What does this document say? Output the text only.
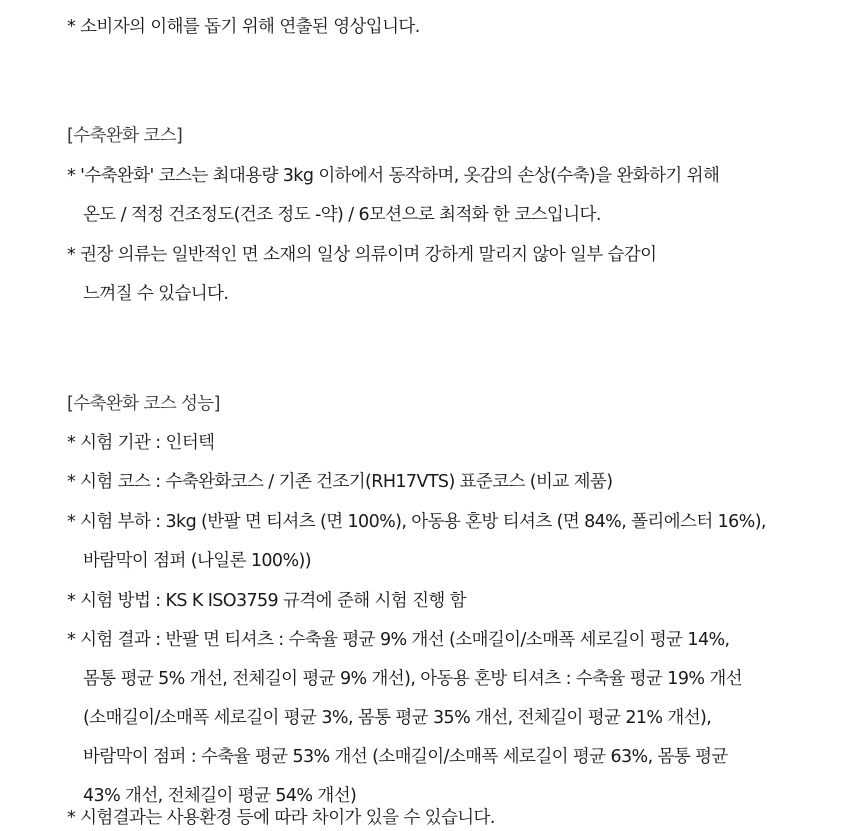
* 소비자의 이해를 돕기 위해 연출된 영상입니다.
[수축완화 코스]
* '수축완화' 코스는 최대용량 3kg 이하에서 동작하며, 옷감의 손상(수축)을 완화하기 위해
온도 / 적정 건조정도(건조 정도 -약) / 6모션으로 최적화 한 코스입니다.
* 권장 의류는 일반적인 면 소재의 일상 의류이며 강하게 말리지 않아 일부 습감이
느껴질 수 있습니다.
[수축완화 코스 성능]
* 시험 기관 : 인터텍
* 시험 코스 : 수축완화코스 / 기존 건조기(RH17VTS) 표준코스 (비교 제품)
* 시험 부하 : 3kg (반팔 면 티셔츠 (면 100%), 아동용 혼방 티셔츠 (면 84%, 폴리에스터 16%),
바람막이 점퍼 (나일론 100%))
* 시험 방법 : KS K ISO3759 규격에 준해 시험 진행 함
* 시험 결과 : 반팔 면 티셔츠 : 수축율 평균 9% 개선 (소매길이/소매폭 세로길이 평균 14%,
몸통 평균 5% 개선, 전체길이 평균 9% 개선), 아동용 혼방 티셔츠 : 수축율 평균 19% 개선
(소매길이/소매폭 세로길이 평균 3%, 몸통 평균 35% 개선, 전체길이 평균 21% 개선),
바람막이 점퍼 : 수축율 평균 53% 개선 (소매길이/소매폭 세로길이 평균 63%, 몸통 평균
43% 개선, 전체길이 평균 54% 개선)
* 시험결과는 사용환경 등에 따라 차이가 있을 수 있습니다.
